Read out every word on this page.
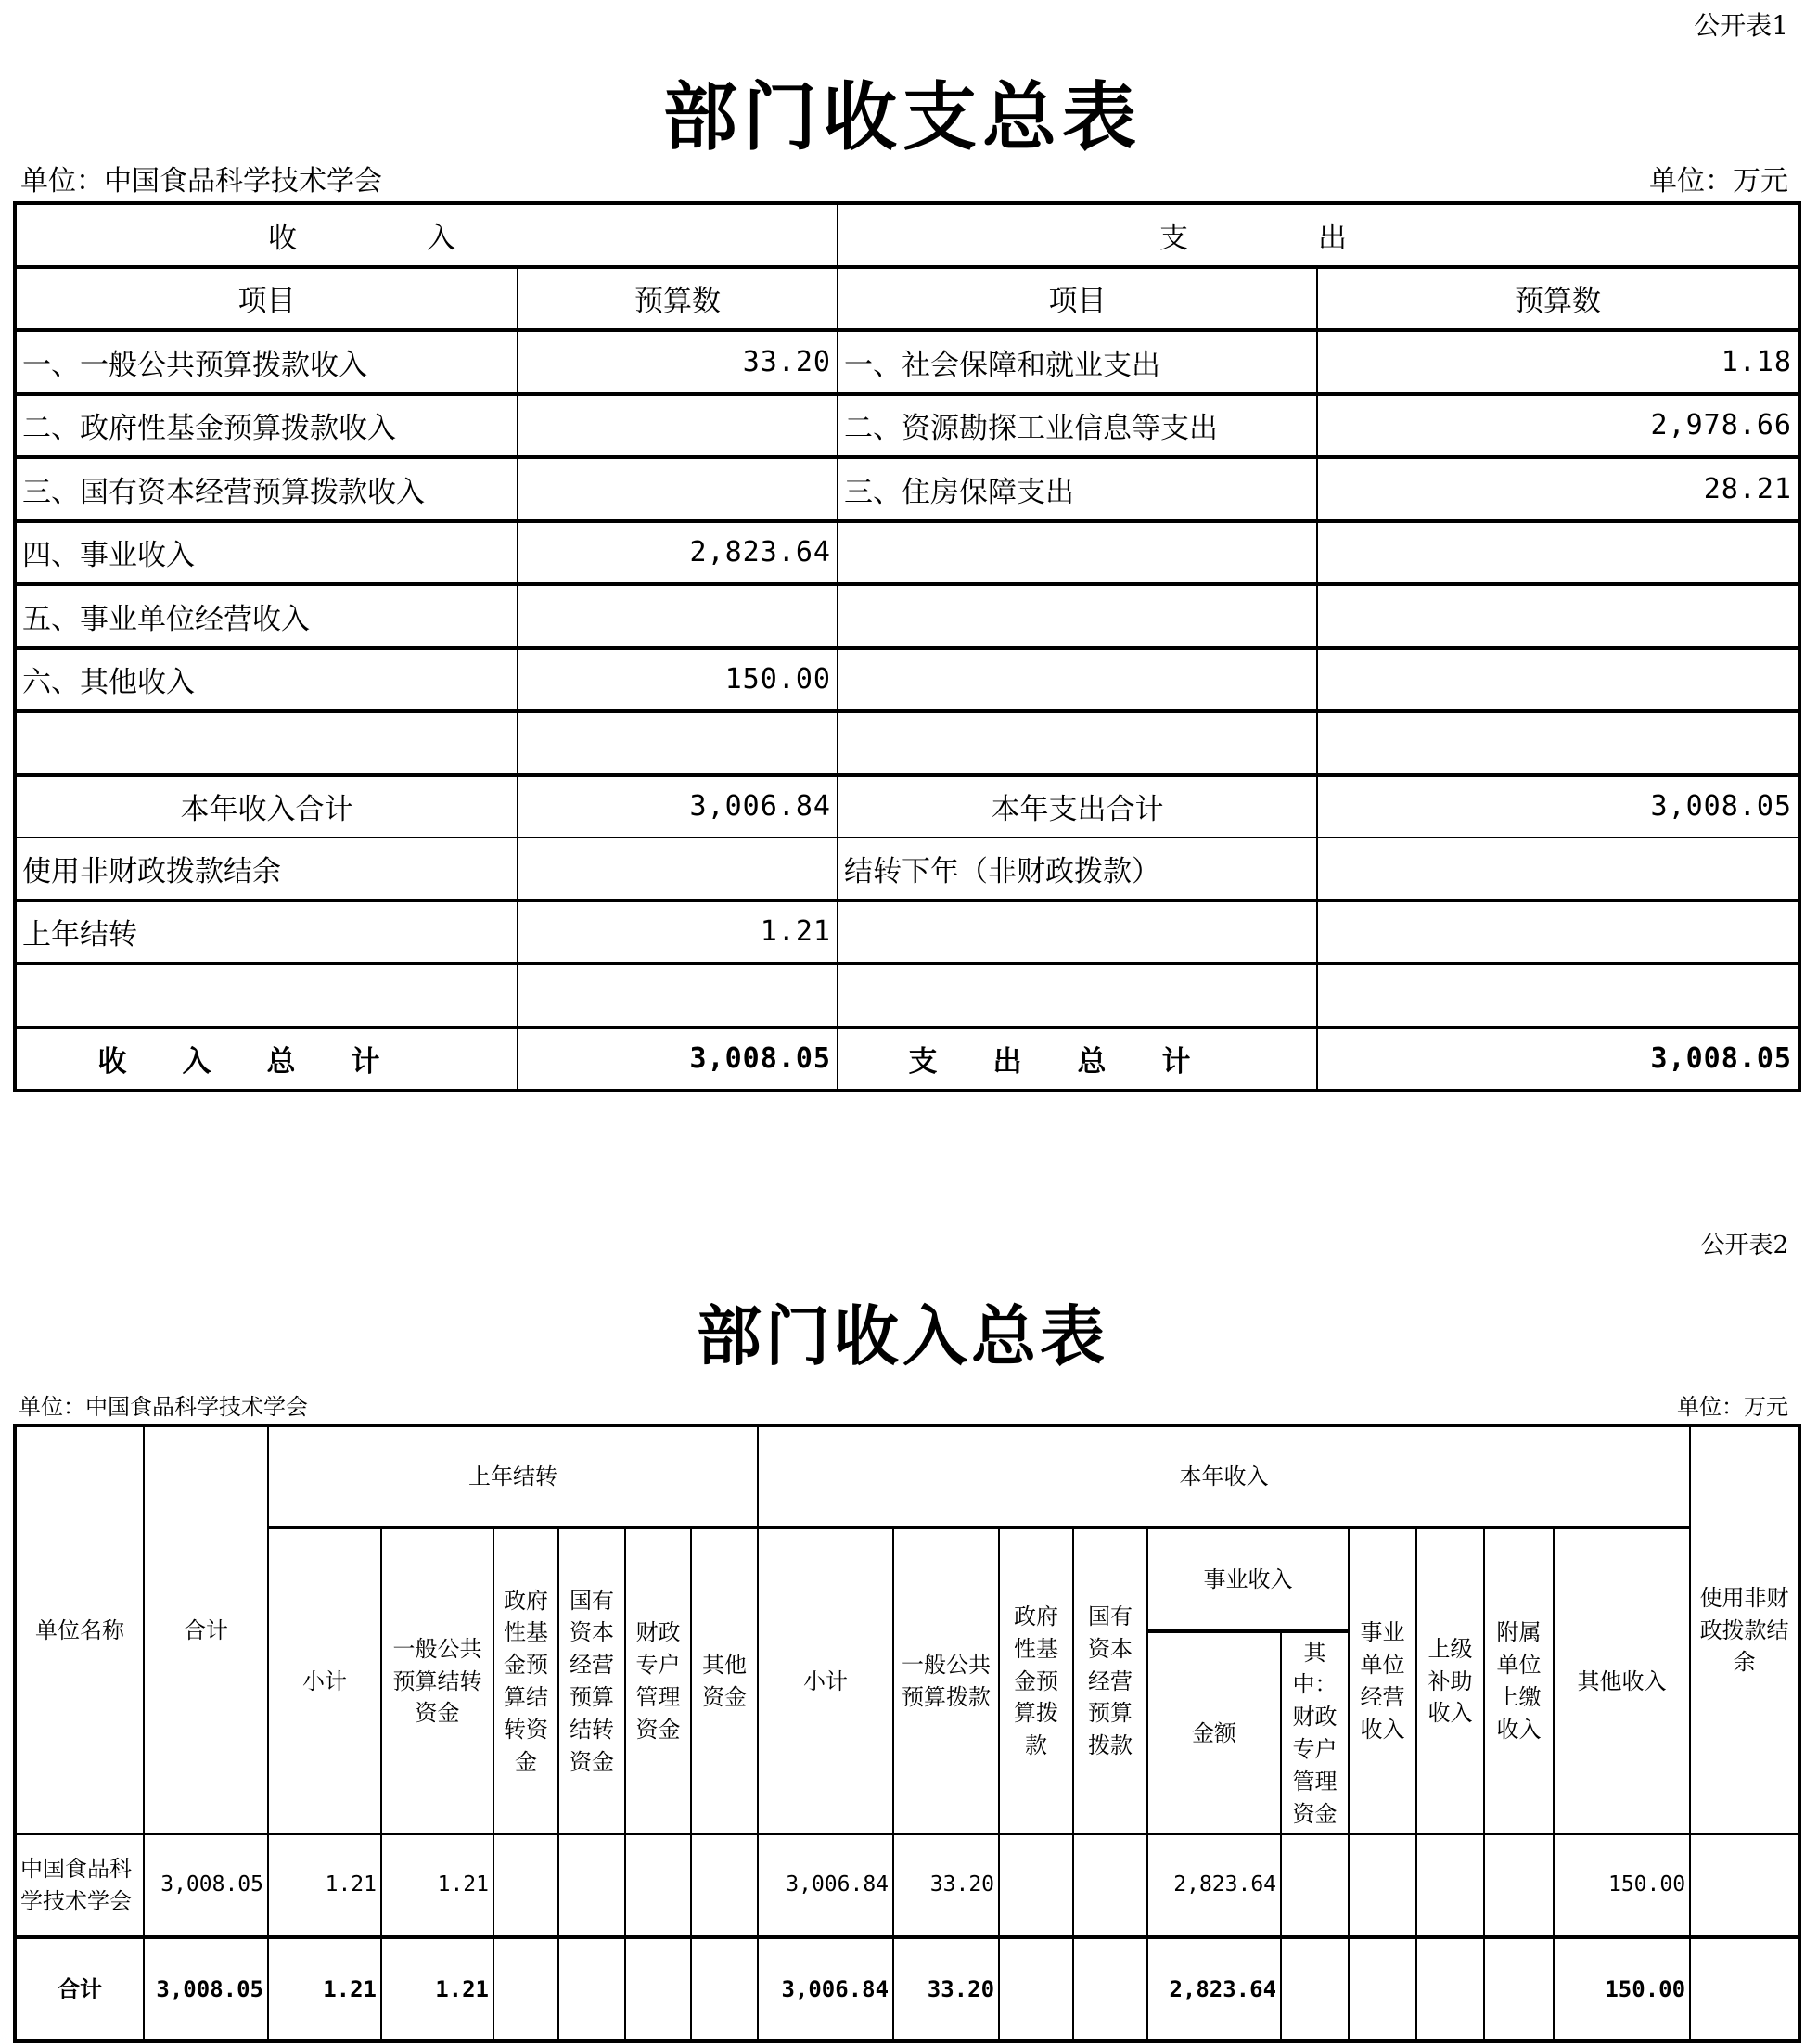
公开表1
部门收支总表
单位：中国食品科学技术学会	单位：万元
收入		支出	
项目	预算数	项目	预算数
一、一般公共预算拨款收入	33.20	一、社会保障和就业支出	1.18
二、政府性基金预算拨款收入		二、资源勘探工业信息等支出	2,978.66
三、国有资本经营预算拨款收入		三、住房保障支出	28.21
四、事业收入	2,823.64		
五、事业单位经营收入			
六、其他收入	150.00		

本年收入合计	3,006.84	本年支出合计	3,008.05
使用非财政拨款结余		结转下年（非财政拨款）	
上年结转	1.21		

收入总计	3,008.05	支出总计	3,008.05
公开表2
部门收入总表
单位：中国食品科学技术学会	单位：万元
单位名称	合计	上年结转						本年收入										使用非财政拨款结余
		小计	一般公共预算结转资金	政府性基金预算结转资金	国有资本经营预算结转资金	财政专户管理资金	其他资金	小计	一般公共预算拨款	政府性基金预算拨款	国有资本经营预算拨款	事业收入		事业单位经营收入	上级补助收入	附属单位上缴收入	其他收入	
												金额	其中：财政专户管理资金					
中国食品科学技术学会	3,008.05	1.21	1.21					3,006.84	33.20			2,823.64					150.00	
合计	3,008.05	1.21	1.21					3,006.84	33.20			2,823.64					150.00	
